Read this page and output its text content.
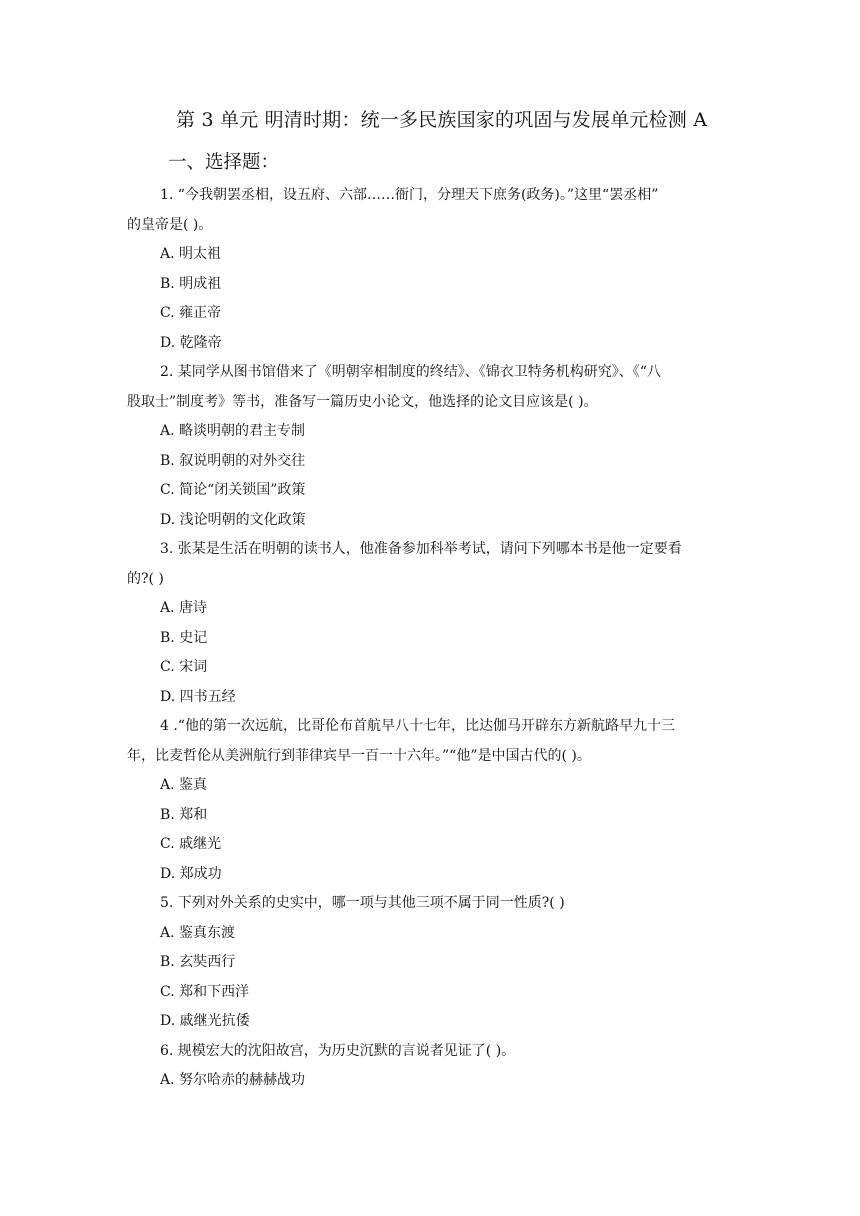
第 3 单元 明清时期：统一多民族国家的巩固与发展单元检测 A
一、选择题：
1. “今我朝罢丞相，设五府、六部……衙门，分理天下庶务(政务)。”这里“罢丞相”
的皇帝是( )。
A. 明太祖
B. 明成祖
C. 雍正帝
D. 乾隆帝
2. 某同学从图书馆借来了《明朝宰相制度的终结》、《锦衣卫特务机构研究》、《“八
股取士”制度考》等书，准备写一篇历史小论文，他选择的论文目应该是( )。
A. 略谈明朝的君主专制
B. 叙说明朝的对外交往
C. 简论“闭关锁国”政策
D. 浅论明朝的文化政策
3. 张某是生活在明朝的读书人，他准备参加科举考试，请问下列哪本书是他一定要看
的?( )
A. 唐诗
B. 史记
C. 宋词
D. 四书五经
4 .“他的第一次远航，比哥伦布首航早八十七年，比达伽马开辟东方新航路早九十三
年，比麦哲伦从美洲航行到菲律宾早一百一十六年。”“他”是中国古代的( )。
A. 鉴真
B. 郑和
C. 戚继光
D. 郑成功
5. 下列对外关系的史实中，哪一项与其他三项不属于同一性质?( )
A. 鉴真东渡
B. 玄奘西行
C. 郑和下西洋
D. 戚继光抗倭
6. 规模宏大的沈阳故宫，为历史沉默的言说者见证了( )。
A. 努尔哈赤的赫赫战功
